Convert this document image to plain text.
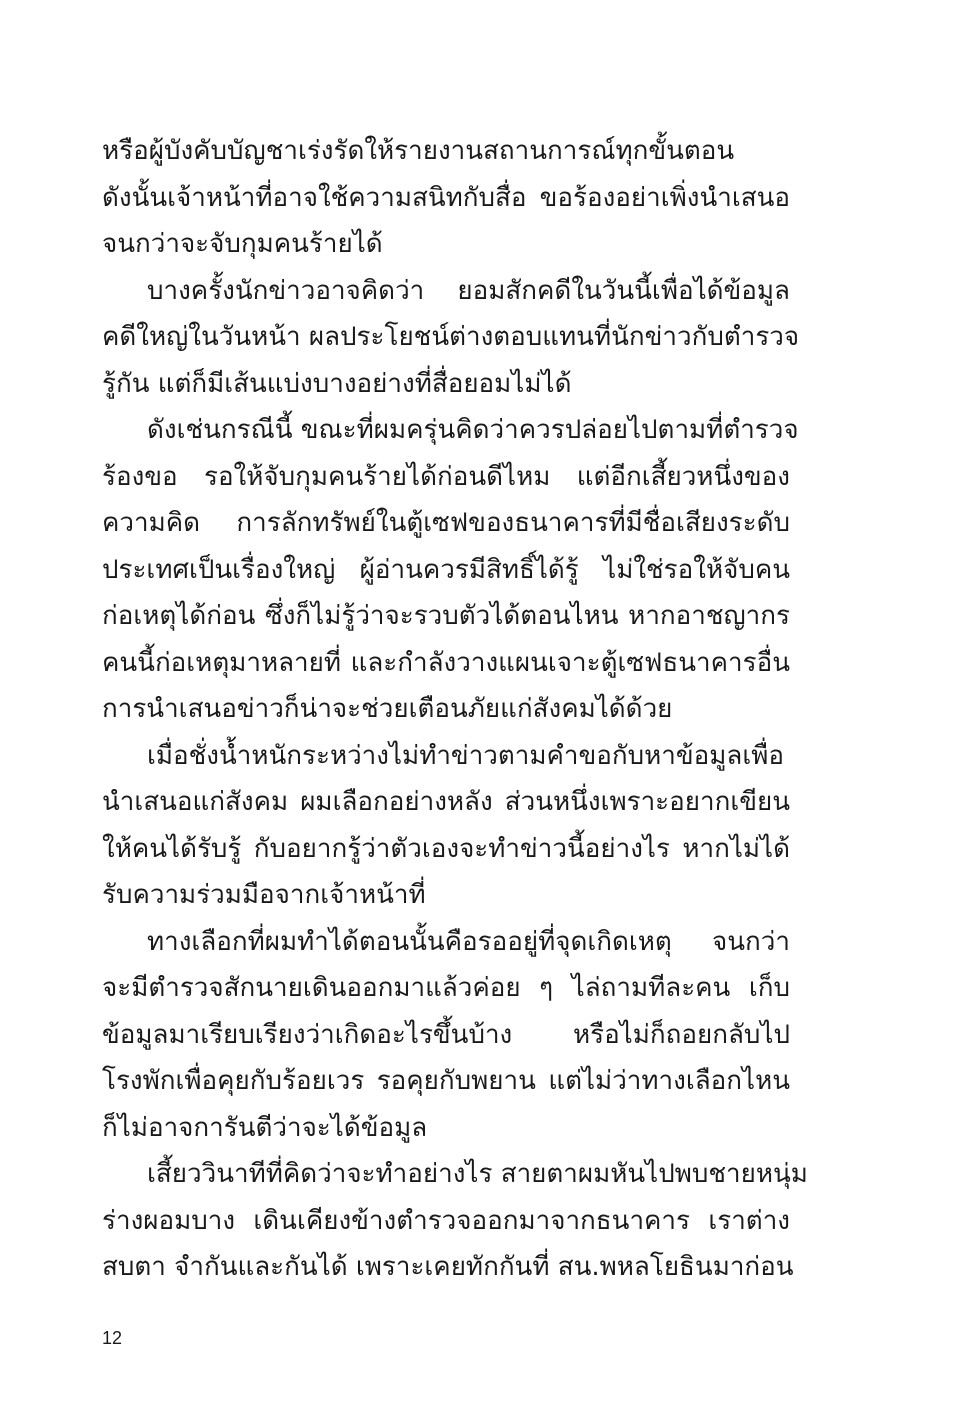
หรือผู้บังคับบัญชาเร่งรัดให้รายงานสถานการณ์ทุกขั้นตอน
ดังนั้นเจ้าหน้าที่อาจใช้ความสนิทกับสื่อ ขอร้องอย่าเพิ่งนำเสนอ
จนกว่าจะจับกุมคนร้ายได้
บางครั้งนักข่าวอาจคิดว่า ยอมสักคดีในวันนี้เพื่อได้ข้อมูล
คดีใหญ่ในวันหน้า ผลประโยชน์ต่างตอบแทนที่นักข่าวกับตำรวจ
รู้กัน แต่ก็มีเส้นแบ่งบางอย่างที่สื่อยอมไม่ได้
ดังเช่นกรณีนี้ ขณะที่ผมครุ่นคิดว่าควรปล่อยไปตามที่ตำรวจ
ร้องขอ รอให้จับกุมคนร้ายได้ก่อนดีไหม แต่อีกเสี้ยวหนึ่งของ
ความคิด การลักทรัพย์ในตู้เซฟของธนาคารที่มีชื่อเสียงระดับ
ประเทศเป็นเรื่องใหญ่ ผู้อ่านควรมีสิทธิ์ได้รู้ ไม่ใช่รอให้จับคน
ก่อเหตุได้ก่อน ซึ่งก็ไม่รู้ว่าจะรวบตัวได้ตอนไหน หากอาชญากร
คนนี้ก่อเหตุมาหลายที่ และกำลังวางแผนเจาะตู้เซฟธนาคารอื่น
การนำเสนอข่าวก็น่าจะช่วยเตือนภัยแก่สังคมได้ด้วย
เมื่อชั่งน้ำหนักระหว่างไม่ทำข่าวตามคำขอกับหาข้อมูลเพื่อ
นำเสนอแก่สังคม ผมเลือกอย่างหลัง ส่วนหนึ่งเพราะอยากเขียน
ให้คนได้รับรู้ กับอยากรู้ว่าตัวเองจะทำข่าวนี้อย่างไร หากไม่ได้
รับความร่วมมือจากเจ้าหน้าที่
ทางเลือกที่ผมทำได้ตอนนั้นคือรออยู่ที่จุดเกิดเหตุ จนกว่า
จะมีตำรวจสักนายเดินออกมาแล้วค่อย ๆ ไล่ถามทีละคน เก็บ
ข้อมูลมาเรียบเรียงว่าเกิดอะไรขึ้นบ้าง หรือไม่ก็ถอยกลับไป
โรงพักเพื่อคุยกับร้อยเวร รอคุยกับพยาน แต่ไม่ว่าทางเลือกไหน
ก็ไม่อาจการันตีว่าจะได้ข้อมูล
เสี้ยววินาทีที่คิดว่าจะทำอย่างไร สายตาผมหันไปพบชายหนุ่ม
ร่างผอมบาง เดินเคียงข้างตำรวจออกมาจากธนาคาร เราต่าง
สบตา จำกันและกันได้ เพราะเคยทักกันที่ สน.พหลโยธินมาก่อน
12
